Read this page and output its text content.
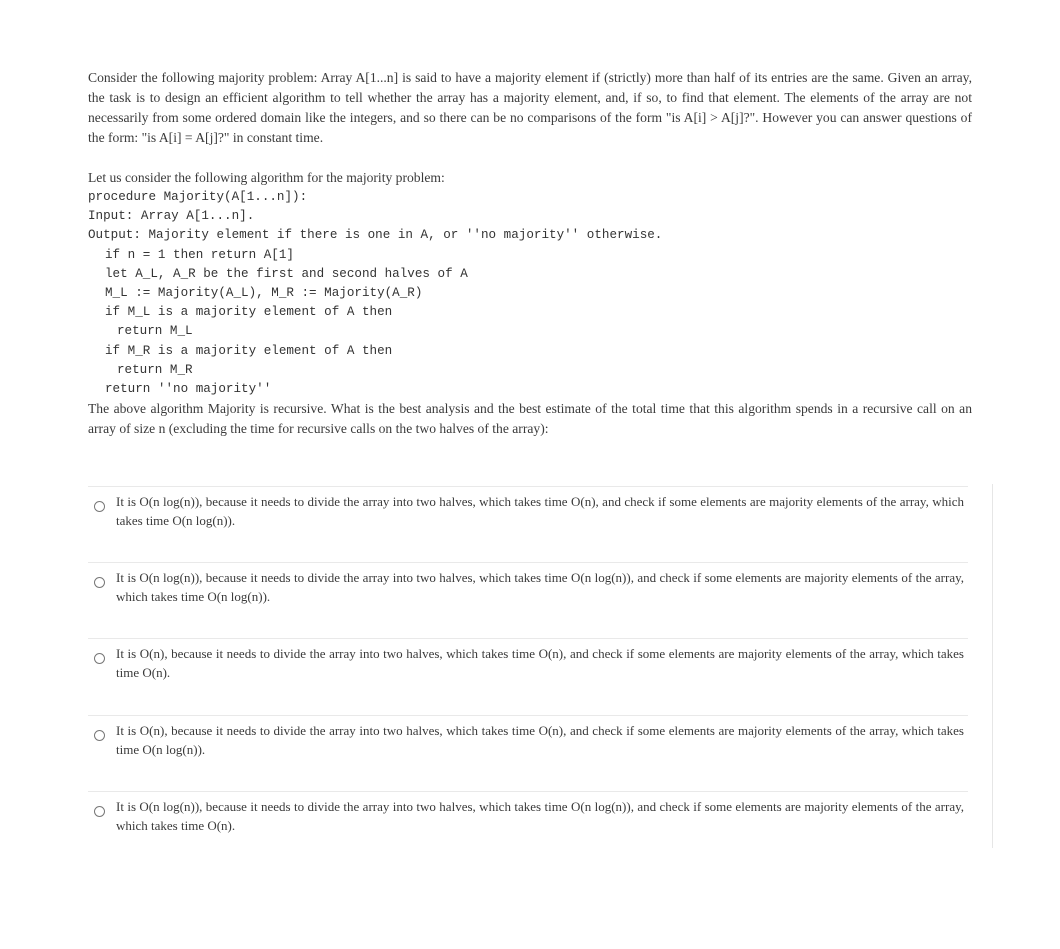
Consider the following majority problem: Array A[1...n] is said to have a majority element if (strictly) more than half of its entries are the same. Given an array, the task is to design an efficient algorithm to tell whether the array has a majority element, and, if so, to find that element. The elements of the array are not necessarily from some ordered domain like the integers, and so there can be no comparisons of the form "is A[i] > A[j]?". However you can answer questions of the form: "is A[i] = A[j]?" in constant time.

Let us consider the following algorithm for the majority problem:

procedure Majority(A[1...n]):
Input: Array A[1...n].
Output: Majority element if there is one in A, or ''no majority'' otherwise.
if n = 1 then return A[1]
let A_L, A_R be the first and second halves of A
M_L := Majority(A_L), M_R := Majority(A_R)
if M_L is a majority element of A then
return M_L
if M_R is a majority element of A then
return M_R
return ''no majority''

The above algorithm Majority is recursive. What is the best analysis and the best estimate of the total time that this algorithm spends in a recursive call on an array of size n (excluding the time for recursive calls on the two halves of the array):

It is O(n log(n)), because it needs to divide the array into two halves, which takes time O(n), and check if some elements are majority elements of the array, which takes time O(n log(n)).
It is O(n log(n)), because it needs to divide the array into two halves, which takes time O(n log(n)), and check if some elements are majority elements of the array, which takes time O(n log(n)).
It is O(n), because it needs to divide the array into two halves, which takes time O(n), and check if some elements are majority elements of the array, which takes time O(n).
It is O(n), because it needs to divide the array into two halves, which takes time O(n), and check if some elements are majority elements of the array, which takes time O(n log(n)).
It is O(n log(n)), because it needs to divide the array into two halves, which takes time O(n log(n)), and check if some elements are majority elements of the array, which takes time O(n).
